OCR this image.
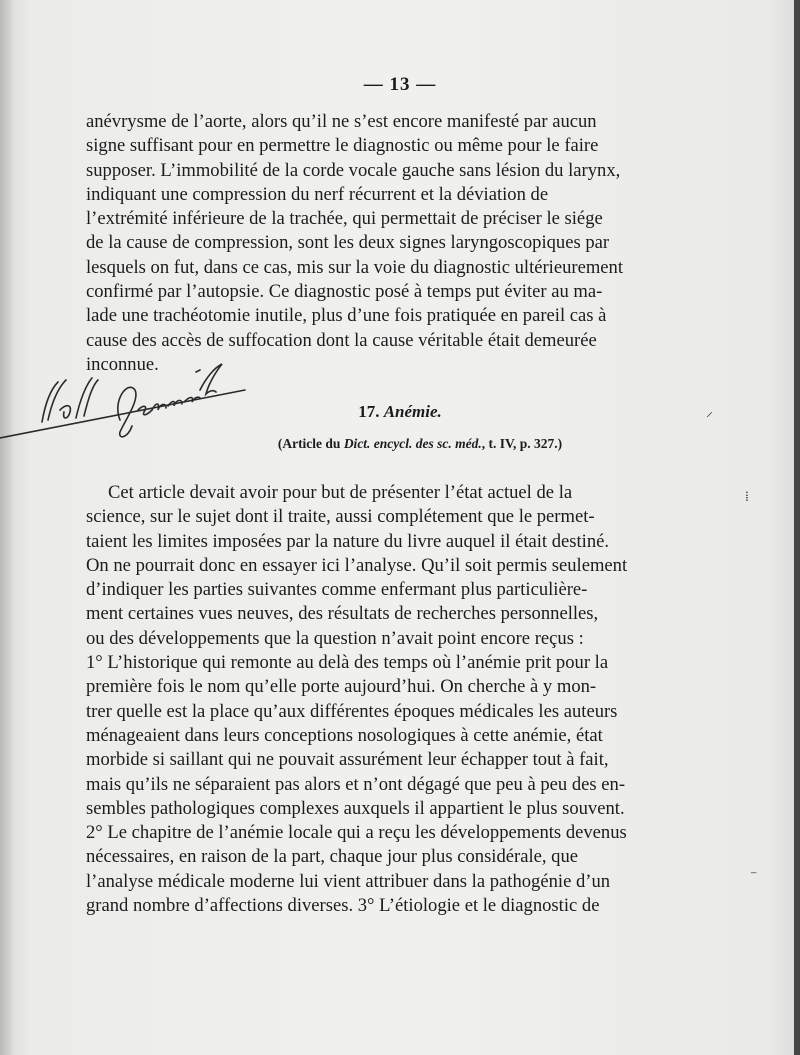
— 13 —
anévrysme de l’aorte, alors qu’il ne s’est encore manifesté par aucun
signe suffisant pour en permettre le diagnostic ou même pour le faire
supposer. L’immobilité de la corde vocale gauche sans lésion du larynx,
indiquant une compression du nerf récurrent et la déviation de
l’extrémité inférieure de la trachée, qui permettait de préciser le siége
de la cause de compression, sont les deux signes laryngoscopiques par
lesquels on fut, dans ce cas, mis sur la voie du diagnostic ultérieurement
confirmé par l’autopsie. Ce diagnostic posé à temps put éviter au ma-
lade une trachéotomie inutile, plus d’une fois pratiquée en pareil cas à
cause des accès de suffocation dont la cause véritable était demeurée
inconnue.
17. Anémie.
(Article du Dict. encycl. des sc. méd., t. IV, p. 327.)
Cet article devait avoir pour but de présenter l’état actuel de la
science, sur le sujet dont il traite, aussi complétement que le permet-
taient les limites imposées par la nature du livre auquel il était destiné.
On ne pourrait donc en essayer ici l’analyse. Qu’il soit permis seulement
d’indiquer les parties suivantes comme enfermant plus particulière-
ment certaines vues neuves, des résultats de recherches personnelles,
ou des développements que la question n’avait point encore reçus :
1° L’historique qui remonte au delà des temps où l’anémie prit pour la
première fois le nom qu’elle porte aujourd’hui. On cherche à y mon-
trer quelle est la place qu’aux différentes époques médicales les auteurs
ménageaient dans leurs conceptions nosologiques à cette anémie, état
morbide si saillant qui ne pouvait assurément leur échapper tout à fait,
mais qu’ils ne séparaient pas alors et n’ont dégagé que peu à peu des en-
sembles pathologiques complexes auxquels il appartient le plus souvent.
2° Le chapitre de l’anémie locale qui a reçu les développements devenus
nécessaires, en raison de la part, chaque jour plus considérale, que
l’analyse médicale moderne lui vient attribuer dans la pathogénie d’un
grand nombre d’affections diverses. 3° L’étiologie et le diagnostic de
⸍
⁞
⁻
